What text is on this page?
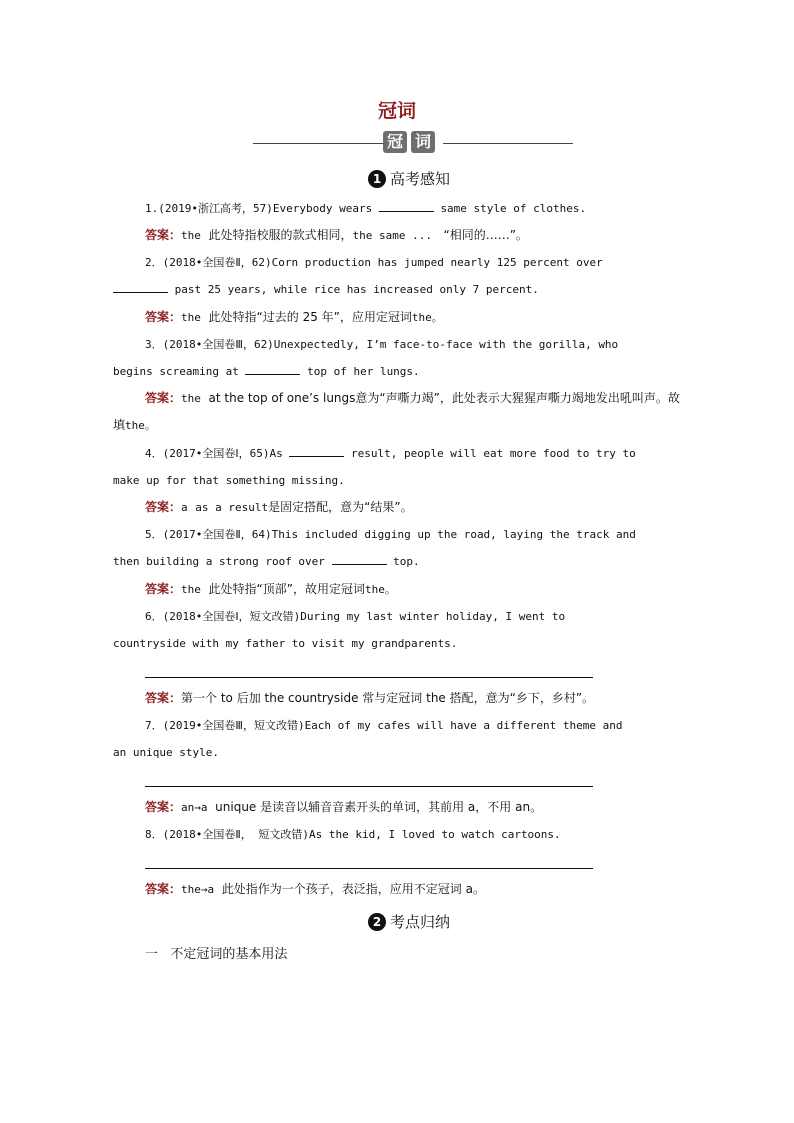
冠词
冠 词
1 高考感知
1.(2019•浙江高考，57)Everybody wears	same style of clothes.
答案：the 此处特指校服的款式相同，the same ... “相同的……”。
2．(2018•全国卷Ⅱ，62)Corn production has jumped nearly 125 percent over
past 25 years, while rice has increased only 7 percent.
答案：the 此处特指“过去的 25 年”，应用定冠词the。
3．(2018•全国卷Ⅲ，62)Unexpectedly, I’m face-to-face with the gorilla, who
begins screaming at	top of her lungs.
答案：the at the top of one’s lungs意为“声嘶力竭”，此处表示大猩猩声嘶力竭地发出吼叫声。故填the。
4．(2017•全国卷Ⅰ，65)As	result, people will eat more food to try to
make up for that something missing.
答案：a as a result是固定搭配，意为“结果”。
5．(2017•全国卷Ⅱ，64)This included digging up the road, laying the track and
then building a strong roof over	top.
答案：the 此处特指“顶部”，故用定冠词the。
6．(2018•全国卷Ⅰ，短文改错)During my last winter holiday, I went to
countryside with my father to visit my grandparents.
答案：第一个 to 后加 the countryside 常与定冠词 the 搭配，意为“乡下，乡村”。
7．(2019•全国卷Ⅲ，短文改错)Each of my cafes will have a different theme and
an unique style.
答案：an→a unique 是读音以辅音音素开头的单词，其前用 a，不用 an。
8．(2018•全国卷Ⅱ， 短文改错)As the kid, I loved to watch cartoons.
答案：the→a 此处指作为一个孩子，表泛指，应用不定冠词 a。
2 考点归纳
一 不定冠词的基本用法
